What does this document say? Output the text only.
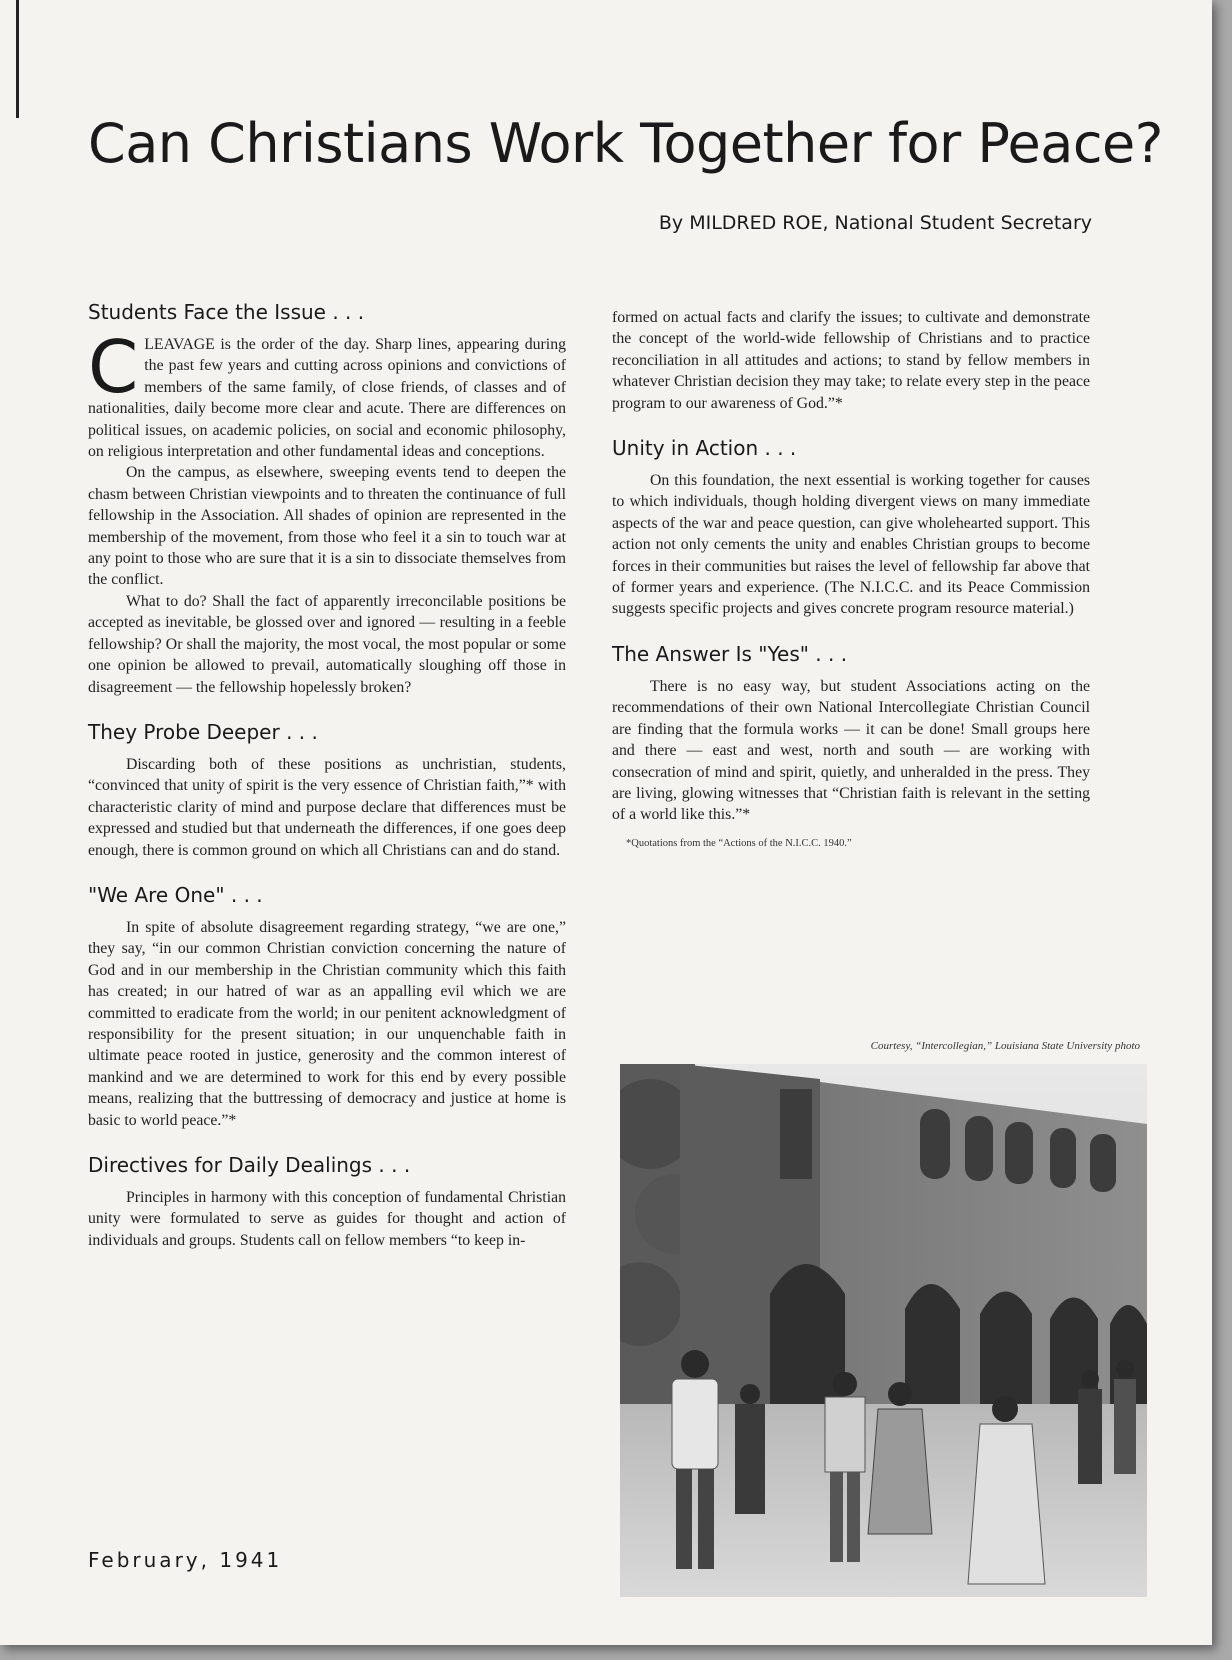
Can Christians Work Together for Peace?
By MILDRED ROE, National Student Secretary
Students Face the Issue . . .

CLEAVAGE is the order of the day. Sharp lines, appearing during the past few years and cutting across opinions and convictions of members of the same family, of close friends, of classes and of nationalities, daily become more clear and acute. There are differences on political issues, on academic policies, on social and economic philosophy, on religious interpretation and other fundamental ideas and conceptions.

On the campus, as elsewhere, sweeping events tend to deepen the chasm between Christian viewpoints and to threaten the continuance of full fellowship in the Association. All shades of opinion are represented in the membership of the movement, from those who feel it a sin to touch war at any point to those who are sure that it is a sin to dissociate themselves from the conflict.

What to do? Shall the fact of apparently irreconcilable positions be accepted as inevitable, be glossed over and ignored — resulting in a feeble fellowship? Or shall the majority, the most vocal, the most popular or some one opinion be allowed to prevail, automatically sloughing off those in disagreement — the fellowship hopelessly broken?

They Probe Deeper . . .

Discarding both of these positions as unchristian, students, “convinced that unity of spirit is the very essence of Christian faith,”* with characteristic clarity of mind and purpose declare that differences must be expressed and studied but that underneath the differences, if one goes deep enough, there is common ground on which all Christians can and do stand.

"We Are One" . . .

In spite of absolute disagreement regarding strategy, “we are one,” they say, “in our common Christian conviction concerning the nature of God and in our membership in the Christian community which this faith has created; in our hatred of war as an appalling evil which we are committed to eradicate from the world; in our penitent acknowledgment of responsibility for the present situation; in our unquenchable faith in ultimate peace rooted in justice, generosity and the common interest of mankind and we are determined to work for this end by every possible means, realizing that the buttressing of democracy and justice at home is basic to world peace.”*

Directives for Daily Dealings . . .

Principles in harmony with this conception of fundamental Christian unity were formulated to serve as guides for thought and action of individuals and groups. Students call on fellow members “to keep in-

formed on actual facts and clarify the issues; to cultivate and demonstrate the concept of the world-wide fellowship of Christians and to practice reconciliation in all attitudes and actions; to stand by fellow members in whatever Christian decision they may take; to relate every step in the peace program to our awareness of God.”*

Unity in Action . . .

On this foundation, the next essential is working together for causes to which individuals, though holding divergent views on many immediate aspects of the war and peace question, can give wholehearted support. This action not only cements the unity and enables Christian groups to become forces in their communities but raises the level of fellowship far above that of former years and experience. (The N.I.C.C. and its Peace Commission suggests specific projects and gives concrete program resource material.)

The Answer Is "Yes" . . .

There is no easy way, but student Associations acting on the recommendations of their own National Intercollegiate Christian Council are finding that the formula works — it can be done! Small groups here and there — east and west, north and south — are working with consecration of mind and spirit, quietly, and unheralded in the press. They are living, glowing witnesses that “Christian faith is relevant in the setting of a world like this.”*

*Quotations from the “Actions of the N.I.C.C. 1940.”
Courtesy, “Intercollegian,” Louisiana State University photo
February, 1941
